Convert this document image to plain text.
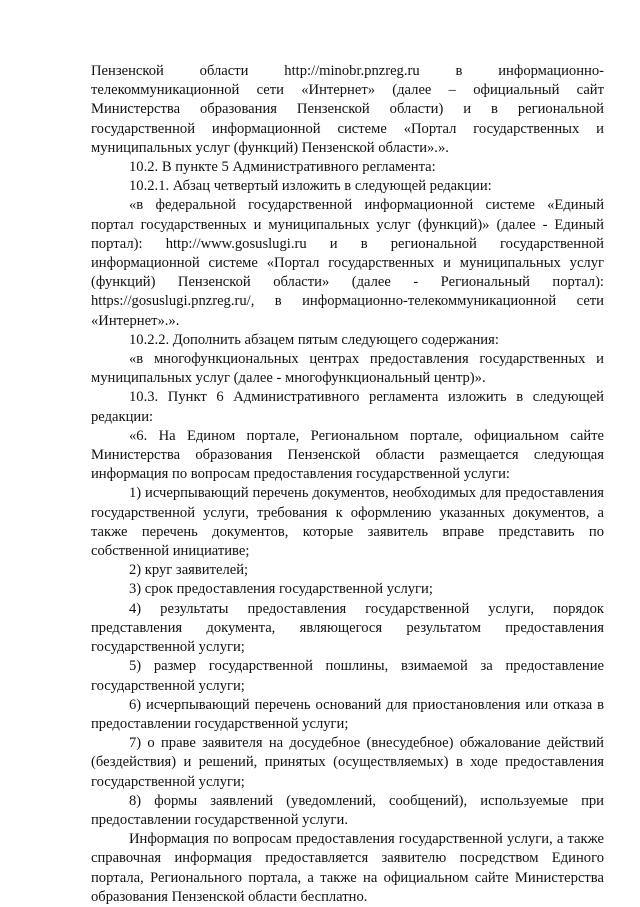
Пензенской области http://minobr.pnzreg.ru в информационно-телекоммуникационной сети «Интернет» (далее – официальный сайт Министерства образования Пензенской области) и в региональной государственной информационной системе «Портал государственных и муниципальных услуг (функций) Пензенской области».».

10.2. В пункте 5 Административного регламента:

10.2.1. Абзац четвертый изложить в следующей редакции:

«в федеральной государственной информационной системе «Единый портал государственных и муниципальных услуг (функций)» (далее - Единый портал): http://www.gosuslugi.ru и в региональной государственной информационной системе «Портал государственных и муниципальных услуг (функций) Пензенской области» (далее - Региональный портал): https://gosuslugi.pnzreg.ru/, в информационно-телекоммуникационной сети «Интернет».».

10.2.2. Дополнить абзацем пятым следующего содержания:

«в многофункциональных центрах предоставления государственных и муниципальных услуг (далее - многофункциональный центр)».

10.3. Пункт 6 Административного регламента изложить в следующей редакции:

«6. На Едином портале, Региональном портале, официальном сайте Министерства образования Пензенской области размещается следующая информация по вопросам предоставления государственной услуги:

1) исчерпывающий перечень документов, необходимых для предоставления государственной услуги, требования к оформлению указанных документов, а также перечень документов, которые заявитель вправе представить по собственной инициативе;

2) круг заявителей;

3) срок предоставления государственной услуги;

4) результаты предоставления государственной услуги, порядок представления документа, являющегося результатом предоставления государственной услуги;

5) размер государственной пошлины, взимаемой за предоставление государственной услуги;

6) исчерпывающий перечень оснований для приостановления или отказа в предоставлении государственной услуги;

7) о праве заявителя на досудебное (внесудебное) обжалование действий (бездействия) и решений, принятых (осуществляемых) в ходе предоставления государственной услуги;

8) формы заявлений (уведомлений, сообщений), используемые при предоставлении государственной услуги.

Информация по вопросам предоставления государственной услуги, а также справочная информация предоставляется заявителю посредством Единого портала, Регионального портала, а также на официальном сайте Министерства образования Пензенской области бесплатно.
